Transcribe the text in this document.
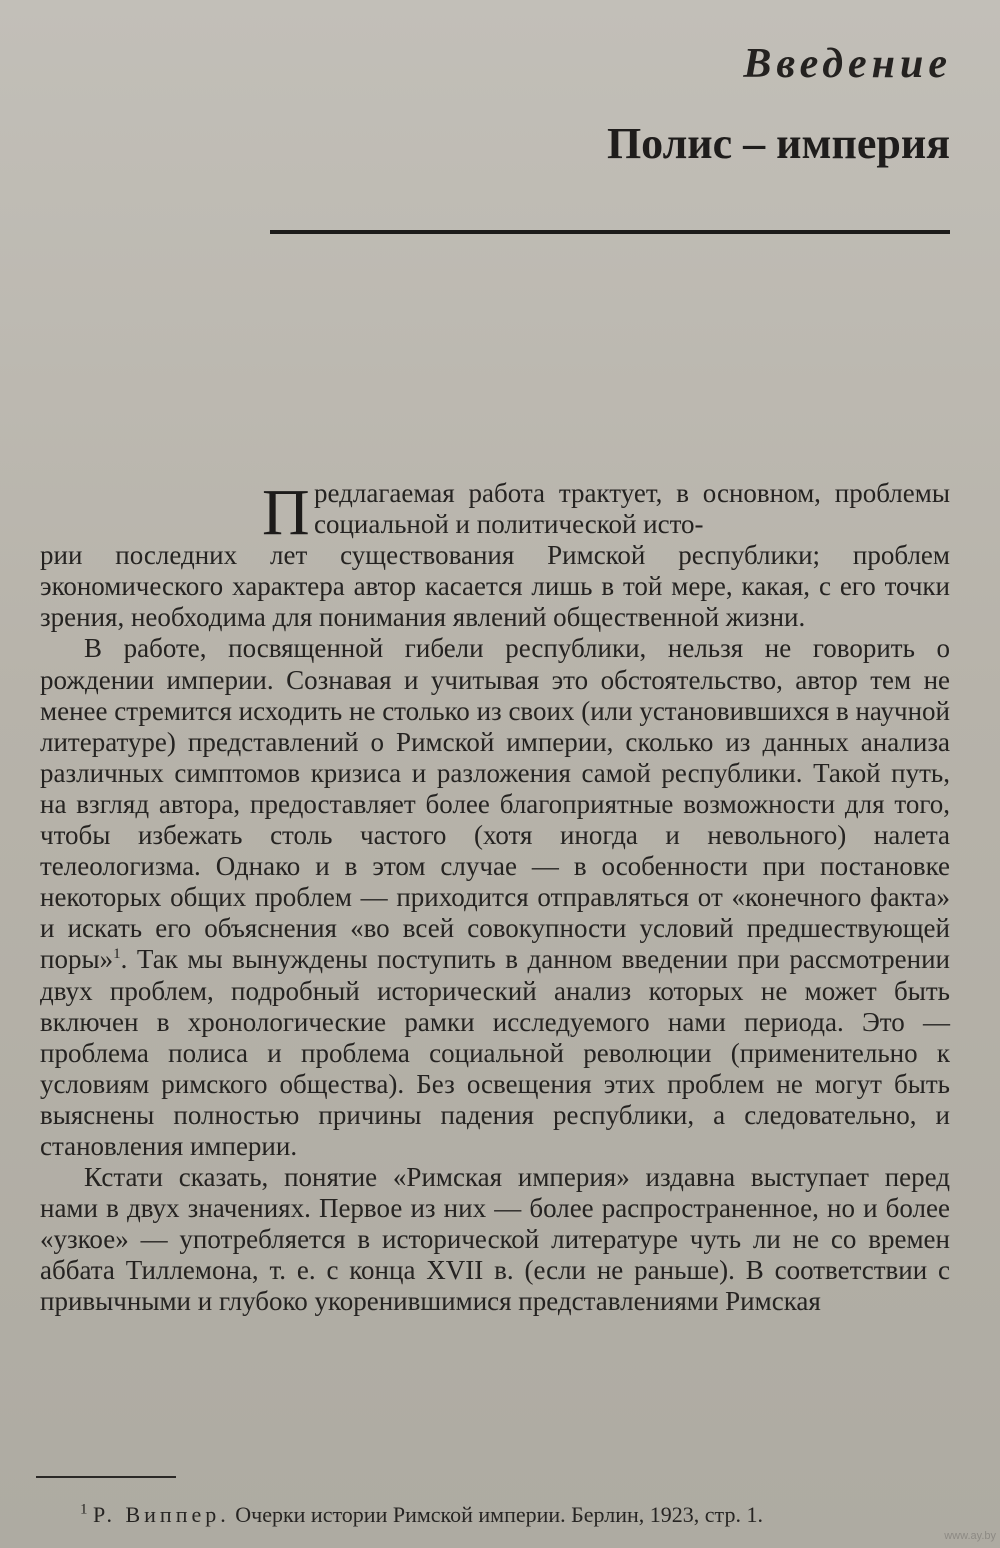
Введение
Полис – империя
П редлагаемая работа трактует, в основном, проблемы социальной и политической исто-

рии последних лет существования Римской республики; проблем экономического характера автор касается лишь в той мере, какая, с его точки зрения, необходима для понимания явлений общественной жизни.

В работе, посвященной гибели республики, нельзя не говорить о рождении империи. Сознавая и учитывая это обстоятельство, автор тем не менее стремится исходить не столько из своих (или установившихся в научной литературе) представлений о Римской империи, сколько из данных анализа различных симптомов кризиса и разложения самой республики. Такой путь, на взгляд автора, предоставляет более благоприятные возможности для того, чтобы избежать столь частого (хотя иногда и невольного) налета телеологизма. Однако и в этом случае — в особенности при постановке некоторых общих проблем — приходится отправляться от «конечного факта» и искать его объяснения «во всей совокупности условий предшествующей поры»$^1$. Так мы вынуждены поступить в данном введении при рассмотрении двух проблем, подробный исторический анализ которых не может быть включен в хронологические рамки исследуемого нами периода. Это — проблема полиса и проблема социальной революции (применительно к условиям римского общества). Без освещения этих проблем не могут быть выяснены полностью причины падения республики, а следовательно, и становления империи.

Кстати сказать, понятие «Римская империя» издавна выступает перед нами в двух значениях. Первое из них — более распространенное, но и более «узкое» — употребляется в исторической литературе чуть ли не со времен аббата Тиллемона, т. е. с конца XVII в. (если не раньше). В соответствии с привычными и глубоко укоренившимися представлениями Римская

$^1$ Р. Виппер. Очерки истории Римской империи. Берлин, 1923, стр. 1.
www.ay.by
